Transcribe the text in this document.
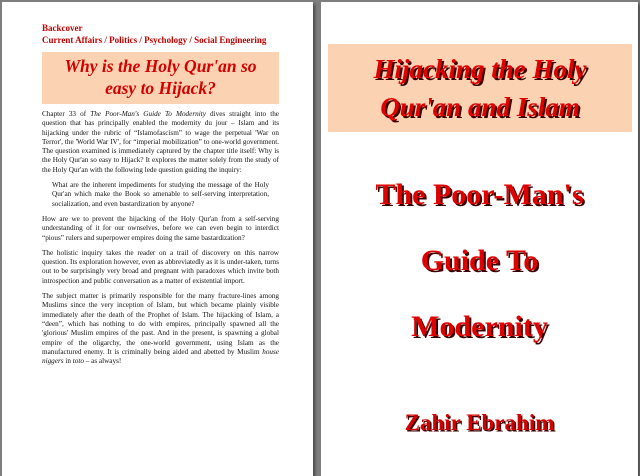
Backcover
Current Affairs / Politics / Psychology / Social Engineering
Why is the Holy Qur'an so
easy to Hijack?

Chapter 33 of The Poor-Man's Guide To Modernity dives straight into the question that has principally enabled the modernity du jour – Islam and its hijacking under the rubric of “Islamofascism” to wage the perpetual 'War on Terror', the 'World War IV', for “imperial mobilization” to one-world government. The question examined is immediately captured by the chapter title itself: Why is the Holy Qur'an so easy to Hijack? It explores the matter solely from the study of the Holy Qur'an with the following lede question guiding the inquiry:

What are the inherent impediments for studying the message of the Holy Qur'an which make the Book so amenable to self-serving interpretation, socialization, and even bastardization by anyone?

How are we to prevent the hijacking of the Holy Qur'an from a self-serving understanding of it for our ownselves, before we can even begin to interdict “pious” rulers and superpower empires doing the same bastardization?

The holistic inquiry takes the reader on a trail of discovery on this narrow question. Its exploration however, even as abbreviatedly as it is under-taken, turns out to be surprisingly very broad and pregnant with paradoxes which invite both introspection and public conversation as a matter of existential import.

The subject matter is primarily responsible for the many fracture-lines among Muslims since the very inception of Islam, but which became plainly visible immediately after the death of the Prophet of Islam. The hijacking of Islam, a “deen”, which has nothing to do with empires, principally spawned all the 'glorious' Muslim empires of the past. And in the present, is spawning a global empire of the oligarchy, the one-world government, using Islam as the manufactured enemy. It is criminally being aided and abetted by Muslim house niggers in toto – as always!

Hijacking the Holy
Qur'an and Islam
The Poor-Man's
Guide To
Modernity
Zahir Ebrahim
